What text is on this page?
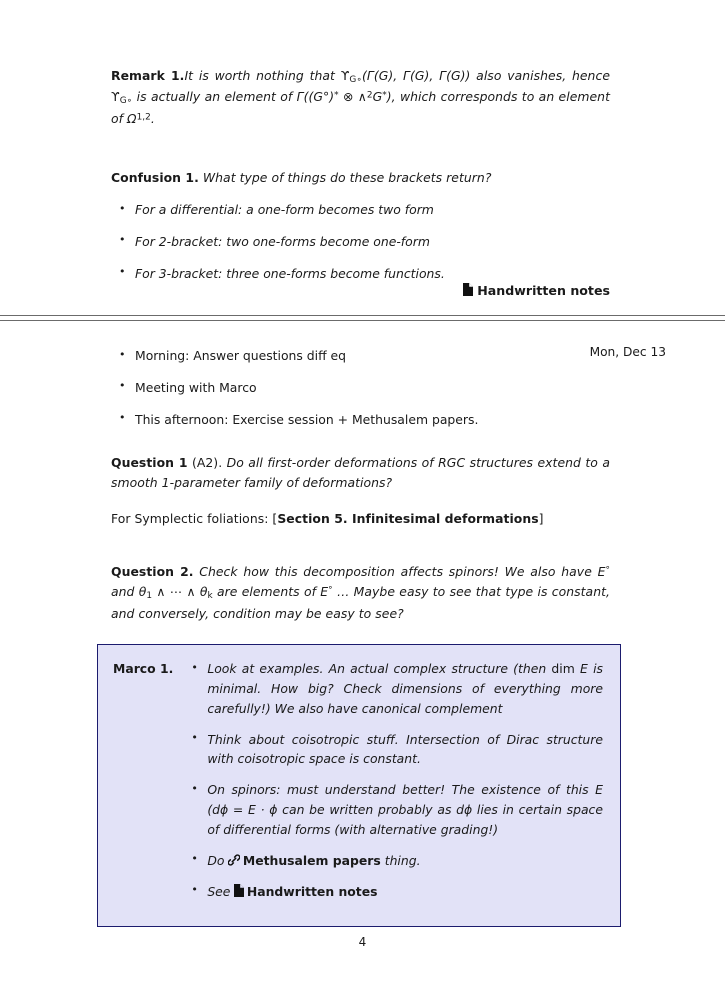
Remark 1.It is worth nothing that $ϒ_{G\circ}(\Gamma(G)$, Γ(G), Γ(G)) also vanishes, hence $ϒ_{G\circ}$ is actually an element of Γ((G°)* ⊗ ∧$^2$G*), which corresponds to an element of Ω$^{1,2}$.
Confusion 1. What type of things do these brackets return?
• For a differential: a one-form becomes two form
• For 2-bracket: two one-forms become one-form
• For 3-bracket: three one-forms become functions.
Handwritten notes
Mon, Dec 13
• Morning: Answer questions diff eq
• Meeting with Marco
• This afternoon: Exercise session + Methusalem papers.
Question 1 (A2). Do all first-order deformations of RGC structures extend to a smooth 1-parameter family of deformations?
For Symplectic foliations: [Section 5. Infinitesimal deformations]
Question 2. Check how this decomposition affects spinors! We also have E° and $\theta_1$ ∧ ⋯ ∧ $\theta_k$ are elements of E° … Maybe easy to see that type is constant, and conversely, condition may be easy to see?
Marco 1.	• Look at examples. An actual complex structure (then dim E is minimal. How big? Check dimensions of everything more carefully!) We also have canonical complement
• Think about coisotropic stuff. Intersection of Dirac structure with coisotropic space is constant.
• On spinors: must understand better! The existence of this E (dϕ = E · ϕ can be written probably as dϕ lies in certain space of differential forms (with alternative grading!)
• Do
 Methusalem papers thing.
• See
 Handwritten notes
4
